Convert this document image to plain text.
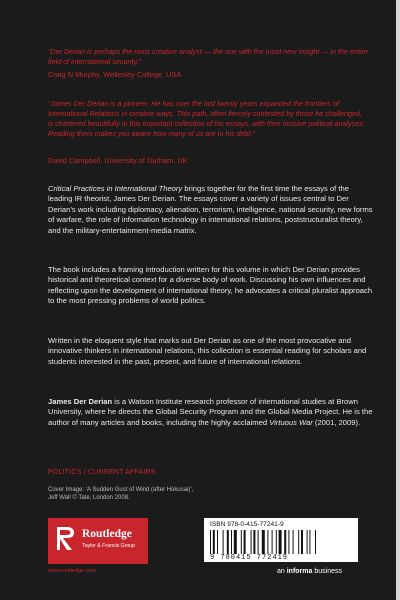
“Der Derian is perhaps the most creative analyst — the one with the most new insight — in the entire field of international security.”
Craig N Murphy, Wellesley College, USA
“James Der Derian is a pioneer. He has over the last twenty years expanded the frontiers of International Relations in creative ways. This path, often fiercely contested by those he challenged, is chartered beautifully in this important collection of his essays, with their incisive political analyses. Reading them makes you aware how many of us are in his debt.”
David Campbell, University of Durham, UK
Critical Practices in International Theory brings together for the first time the essays of the leading IR theorist, James Der Derian. The essays cover a variety of issues central to Der Derian’s work including diplomacy, alienation, terrorism, intelligence, national security, new forms of warfare, the role of information technology in international relations, poststructuralist theory, and the military-entertainment-media matrix.
The book includes a framing introduction written for this volume in which Der Derian provides historical and theoretical context for a diverse body of work. Discussing his own influences and reflecting upon the development of international theory, he advocates a critical pluralist approach to the most pressing problems of world politics.
Written in the eloquent style that marks out Der Derian as one of the most provocative and innovative thinkers in international relations, this collection is essential reading for scholars and students interested in the past, present, and future of international relations.
James Der Derian is a Watson Institute research professor of international studies at Brown University, where he directs the Global Security Program and the Global Media Project. He is the author of many articles and books, including the highly acclaimed Virtuous War (2001, 2009).
POLITICS / CURRENT AFFAIRS
Cover Image: ‘A Sudden Gust of Wind (after Hokusai)’,
Jeff Wall © Tate, London 2008.
Routledge
Taylor & Francis Group
www.routledge.com
ISBN 978-0-415-77241-9
9 780415 772419
an informa business
